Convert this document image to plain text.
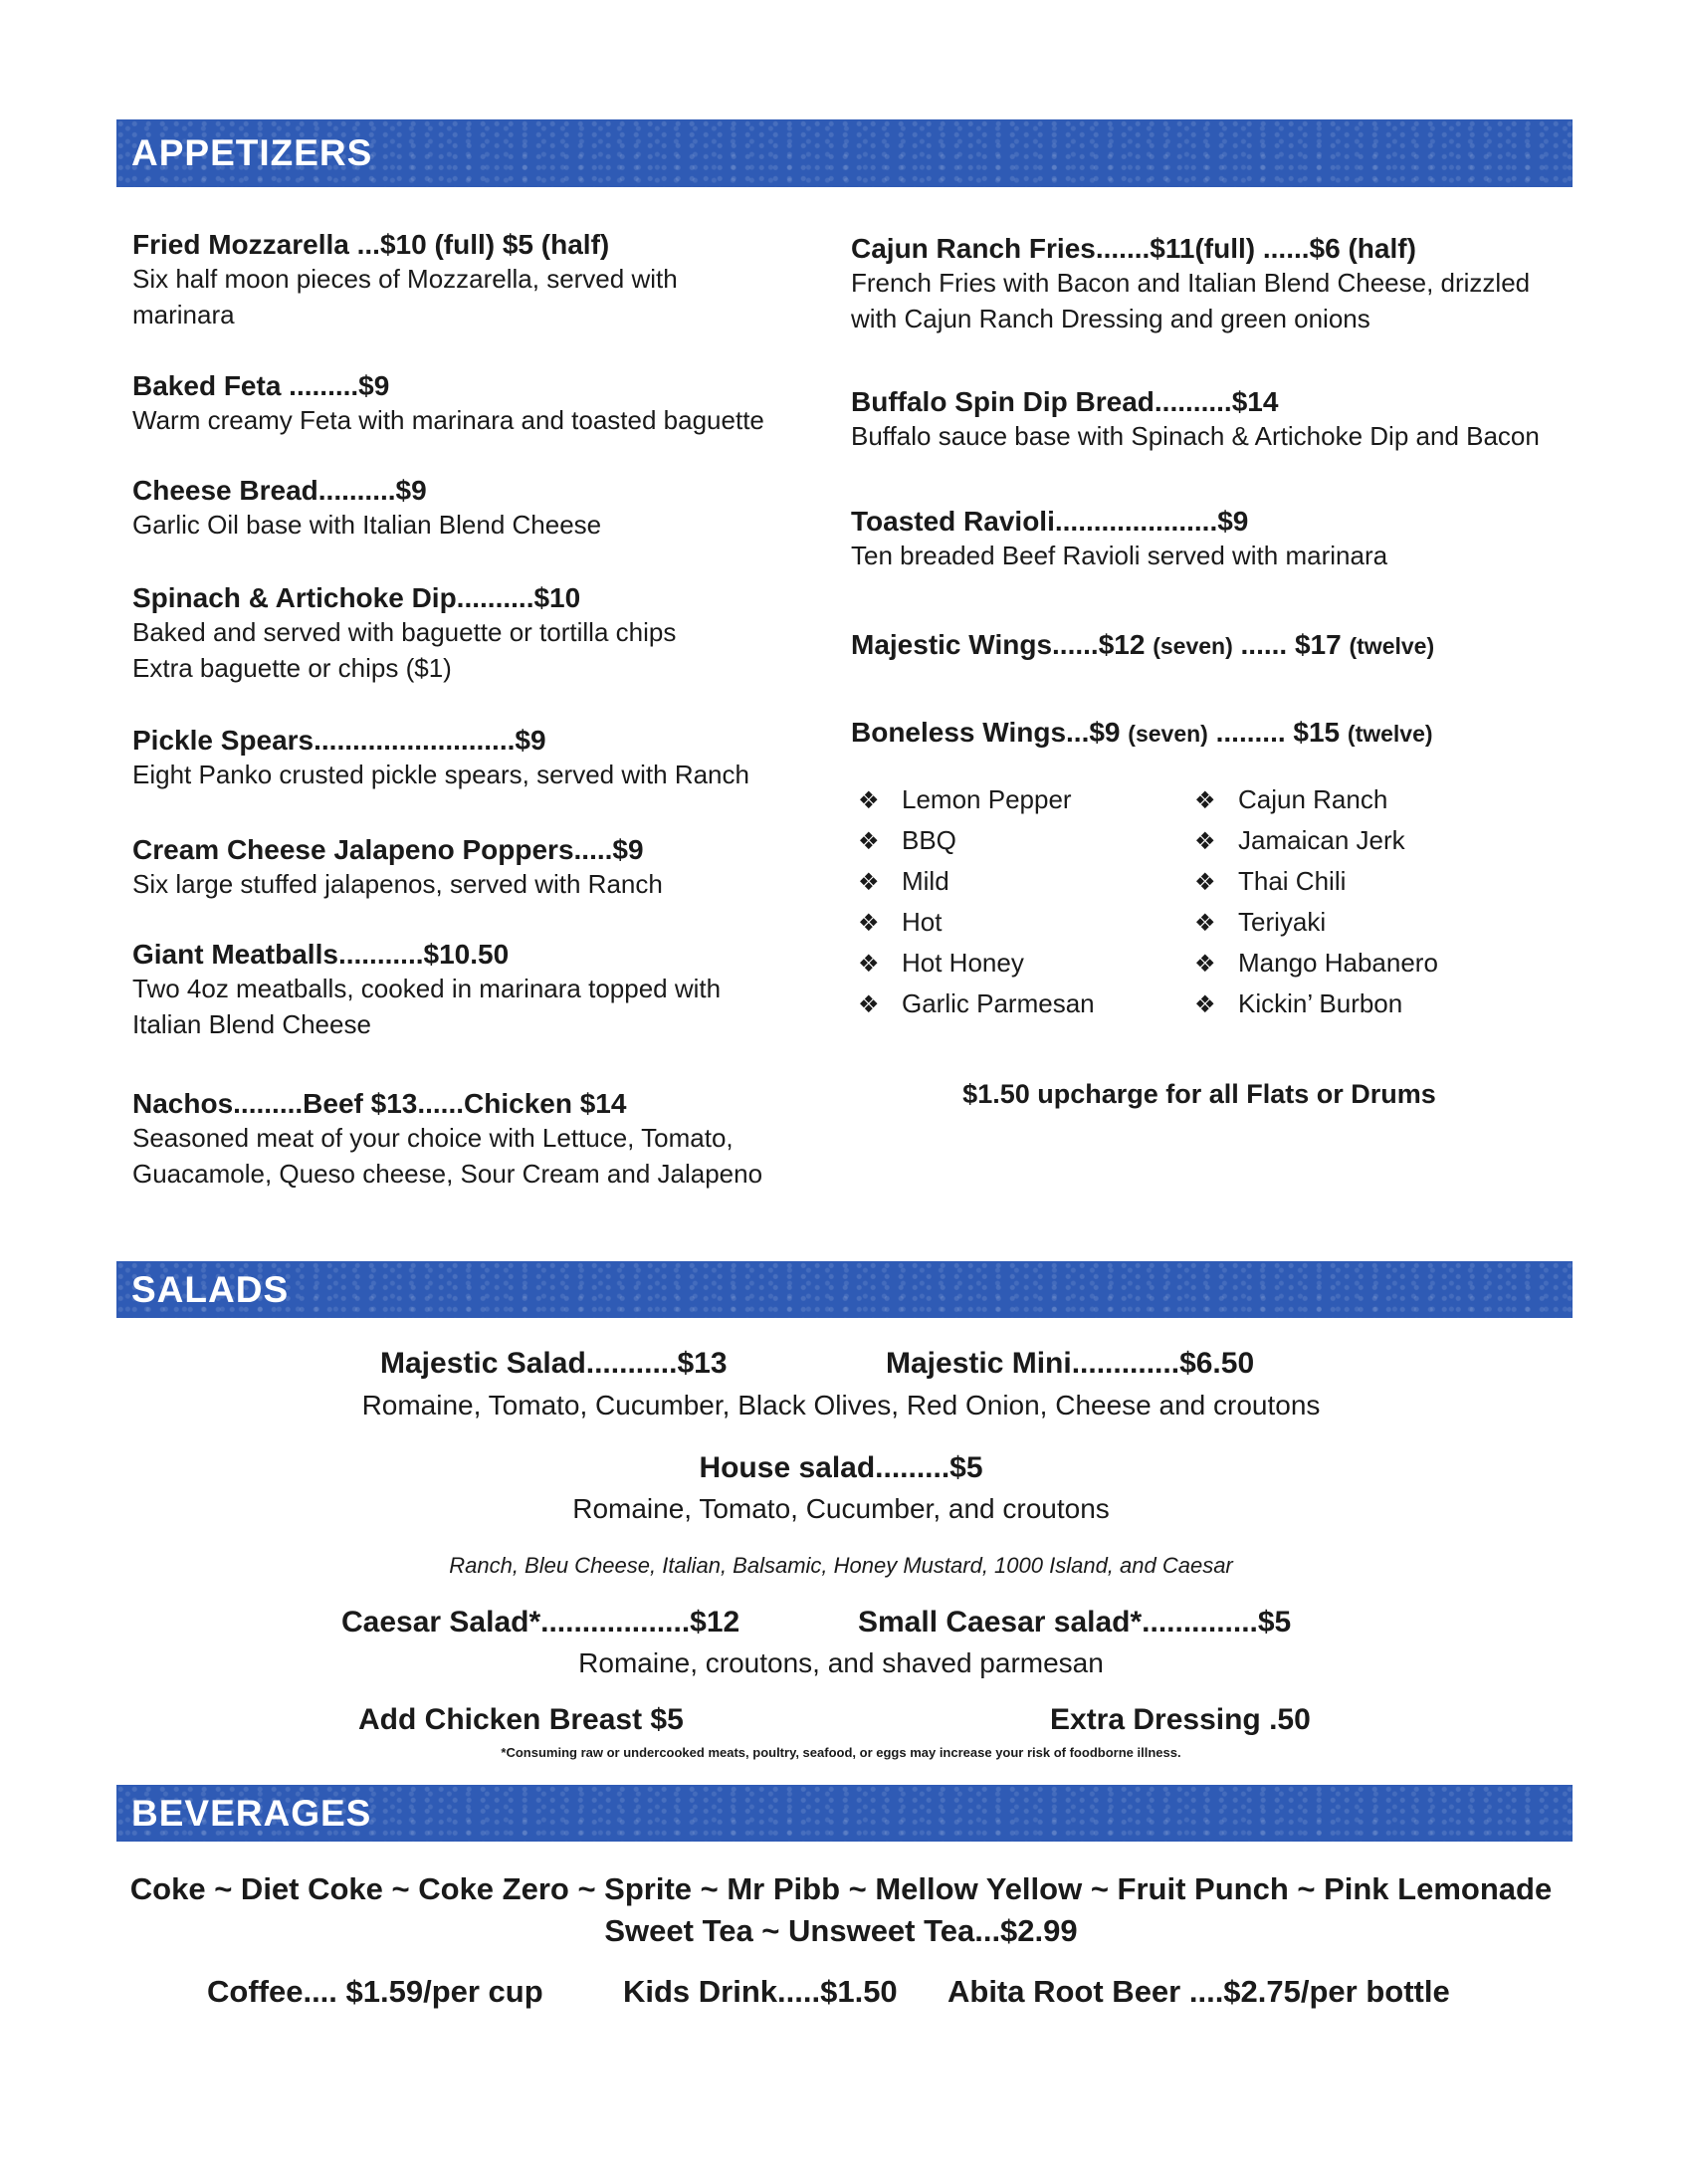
APPETIZERS
Fried Mozzarella ...$10 (full) $5 (half)
Six half moon pieces of Mozzarella, served with
marinara
Baked Feta .........$9
Warm creamy Feta with marinara and toasted baguette
Cheese Bread..........$9
Garlic Oil base with Italian Blend Cheese
Spinach & Artichoke Dip..........$10
Baked and served with baguette or tortilla chips
Extra baguette or chips ($1)
Pickle Spears..........................$9
Eight Panko crusted pickle spears, served with Ranch
Cream Cheese Jalapeno Poppers.....$9
Six large stuffed jalapenos, served with Ranch
Giant Meatballs...........$10.50
Two 4oz meatballs, cooked in marinara topped with
Italian Blend Cheese
Nachos.........Beef $13......Chicken $14
Seasoned meat of your choice with Lettuce, Tomato,
Guacamole, Queso cheese, Sour Cream and Jalapeno
Cajun Ranch Fries.......$11(full) ......$6 (half)
French Fries with Bacon and Italian Blend Cheese, drizzled
with Cajun Ranch Dressing and green onions
Buffalo Spin Dip Bread..........$14
Buffalo sauce base with Spinach & Artichoke Dip and Bacon
Toasted Ravioli.....................$9
Ten breaded Beef Ravioli served with marinara
Majestic Wings......$12 (seven) ...... $17 (twelve)
Boneless Wings...$9 (seven) ......... $15 (twelve)
❖ Lemon Pepper
❖ BBQ
❖ Mild
❖ Hot
❖ Hot Honey
❖ Garlic Parmesan
❖ Cajun Ranch
❖ Jamaican Jerk
❖ Thai Chili
❖ Teriyaki
❖ Mango Habanero
❖ Kickin’ Burbon
$1.50 upcharge for all Flats or Drums
SALADS
Majestic Salad...........$13	Majestic Mini.............$6.50
Romaine, Tomato, Cucumber, Black Olives, Red Onion, Cheese and croutons
House salad.........$5
Romaine, Tomato, Cucumber, and croutons
Ranch, Bleu Cheese, Italian, Balsamic, Honey Mustard, 1000 Island, and Caesar
Caesar Salad*..................$12	Small Caesar salad*..............$5
Romaine, croutons, and shaved parmesan
Add Chicken Breast $5	Extra Dressing .50
*Consuming raw or undercooked meats, poultry, seafood, or eggs may increase your risk of foodborne illness.
BEVERAGES
Coke ~ Diet Coke ~ Coke Zero ~ Sprite ~ Mr Pibb ~ Mellow Yellow ~ Fruit Punch ~ Pink Lemonade
Sweet Tea ~ Unsweet Tea...$2.99
Coffee.... $1.59/per cup	Kids Drink.....$1.50 Abita Root Beer ....$2.75/per bottle
